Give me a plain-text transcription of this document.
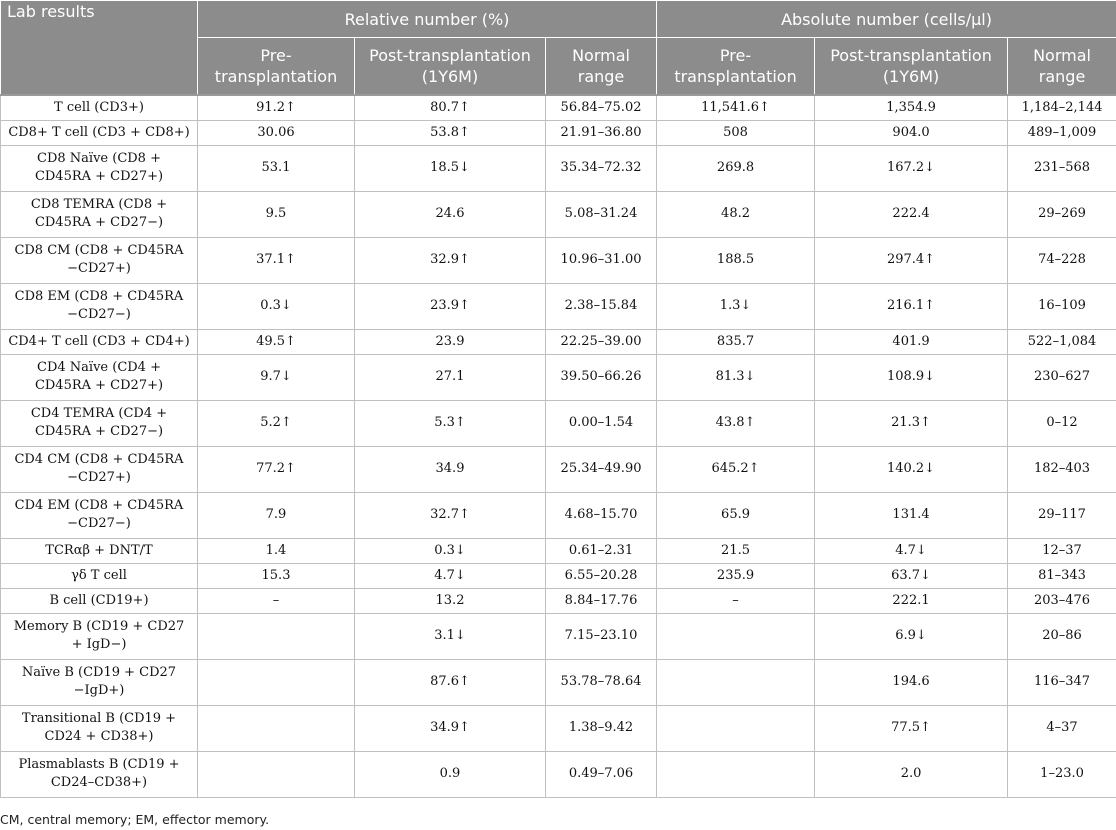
Lab results	Relative number (%)			Absolute number (cells/μl)		
	Pre-transplantation	Post-transplantation (1Y6M)	Normal range	Pre-transplantation	Post-transplantation (1Y6M)	Normal range
T cell (CD3+)	91.2↑	80.7↑	56.84–75.02	11,541.6↑	1,354.9	1,184–2,144
CD8+ T cell (CD3 + CD8+)	30.06	53.8↑	21.91–36.80	508	904.0	489–1,009
CD8 Naïve (CD8 + CD45RA + CD27+)	53.1	18.5↓	35.34–72.32	269.8	167.2↓	231–568
CD8 TEMRA (CD8 + CD45RA + CD27−)	9.5	24.6	5.08–31.24	48.2	222.4	29–269
CD8 CM (CD8 + CD45RA −CD27+)	37.1↑	32.9↑	10.96–31.00	188.5	297.4↑	74–228
CD8 EM (CD8 + CD45RA −CD27−)	0.3↓	23.9↑	2.38–15.84	1.3↓	216.1↑	16–109
CD4+ T cell (CD3 + CD4+)	49.5↑	23.9	22.25–39.00	835.7	401.9	522–1,084
CD4 Naïve (CD4 + CD45RA + CD27+)	9.7↓	27.1	39.50–66.26	81.3↓	108.9↓	230–627
CD4 TEMRA (CD4 + CD45RA + CD27−)	5.2↑	5.3↑	0.00–1.54	43.8↑	21.3↑	0–12
CD4 CM (CD8 + CD45RA −CD27+)	77.2↑	34.9	25.34–49.90	645.2↑	140.2↓	182–403
CD4 EM (CD8 + CD45RA −CD27−)	7.9	32.7↑	4.68–15.70	65.9	131.4	29–117
TCRαβ + DNT/T	1.4	0.3↓	0.61–2.31	21.5	4.7↓	12–37
γδ T cell	15.3	4.7↓	6.55–20.28	235.9	63.7↓	81–343
B cell (CD19+)	–	13.2	8.84–17.76	–	222.1	203–476
Memory B (CD19 + CD27 + IgD−)		3.1↓	7.15–23.10		6.9↓	20–86
Naïve B (CD19 + CD27 −IgD+)		87.6↑	53.78–78.64		194.6	116–347
Transitional B (CD19 + CD24 + CD38+)		34.9↑	1.38–9.42		77.5↑	4–37
Plasmablasts B (CD19 + CD24–CD38+)		0.9	0.49–7.06		2.0	1–23.0
CM, central memory; EM, effector memory.
